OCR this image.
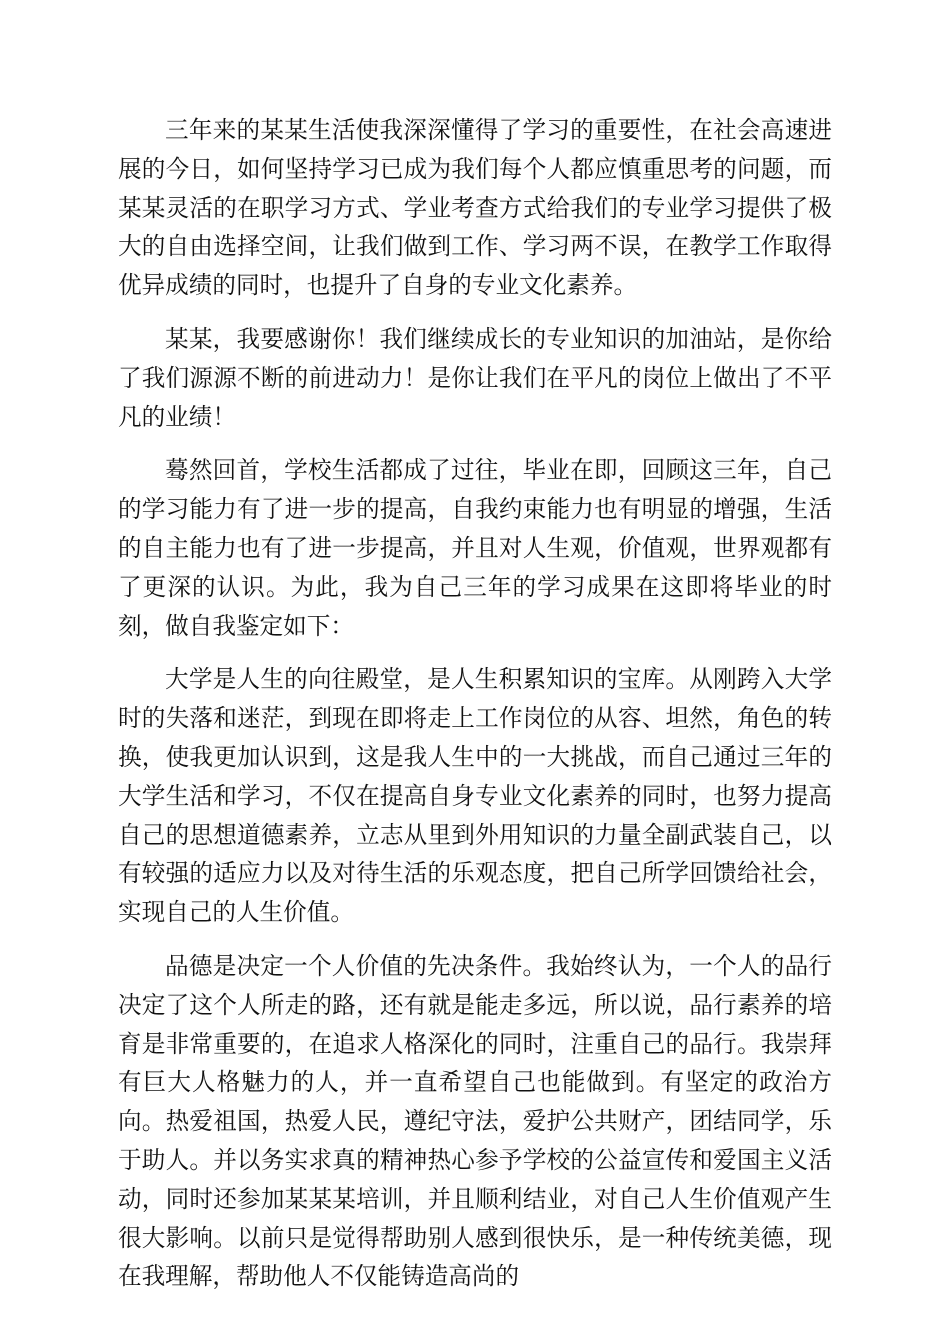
三年来的某某生活使我深深懂得了学习的重要性，在社会高速进展的今日，如何坚持学习已成为我们每个人都应慎重思考的问题，而某某灵活的在职学习方式、学业考查方式给我们的专业学习提供了极大的自由选择空间，让我们做到工作、学习两不误，在教学工作取得优异成绩的同时，也提升了自身的专业文化素养。

某某，我要感谢你！我们继续成长的专业知识的加油站，是你给了我们源源不断的前进动力！是你让我们在平凡的岗位上做出了不平凡的业绩！

蓦然回首，学校生活都成了过往，毕业在即，回顾这三年，自己的学习能力有了进一步的提高，自我约束能力也有明显的增强，生活的自主能力也有了进一步提高，并且对人生观，价值观，世界观都有了更深的认识。为此，我为自己三年的学习成果在这即将毕业的时刻，做自我鉴定如下：

大学是人生的向往殿堂，是人生积累知识的宝库。从刚跨入大学时的失落和迷茫，到现在即将走上工作岗位的从容、坦然，角色的转换，使我更加认识到，这是我人生中的一大挑战，而自己通过三年的大学生活和学习，不仅在提高自身专业文化素养的同时，也努力提高自己的思想道德素养，立志从里到外用知识的力量全副武装自己，以有较强的适应力以及对待生活的乐观态度，把自己所学回馈给社会，实现自己的人生价值。

品德是决定一个人价值的先决条件。我始终认为，一个人的品行决定了这个人所走的路，还有就是能走多远，所以说，品行素养的培育是非常重要的，在追求人格深化的同时，注重自己的品行。我崇拜有巨大人格魅力的人，并一直希望自己也能做到。有坚定的政治方向。热爱祖国，热爱人民，遵纪守法，爱护公共财产，团结同学，乐于助人。并以务实求真的精神热心参予学校的公益宣传和爱国主义活动，同时还参加某某某培训，并且顺利结业，对自己人生价值观产生很大影响。以前只是觉得帮助别人感到很快乐，是一种传统美德，现在我理解，帮助他人不仅能铸造高尚的
